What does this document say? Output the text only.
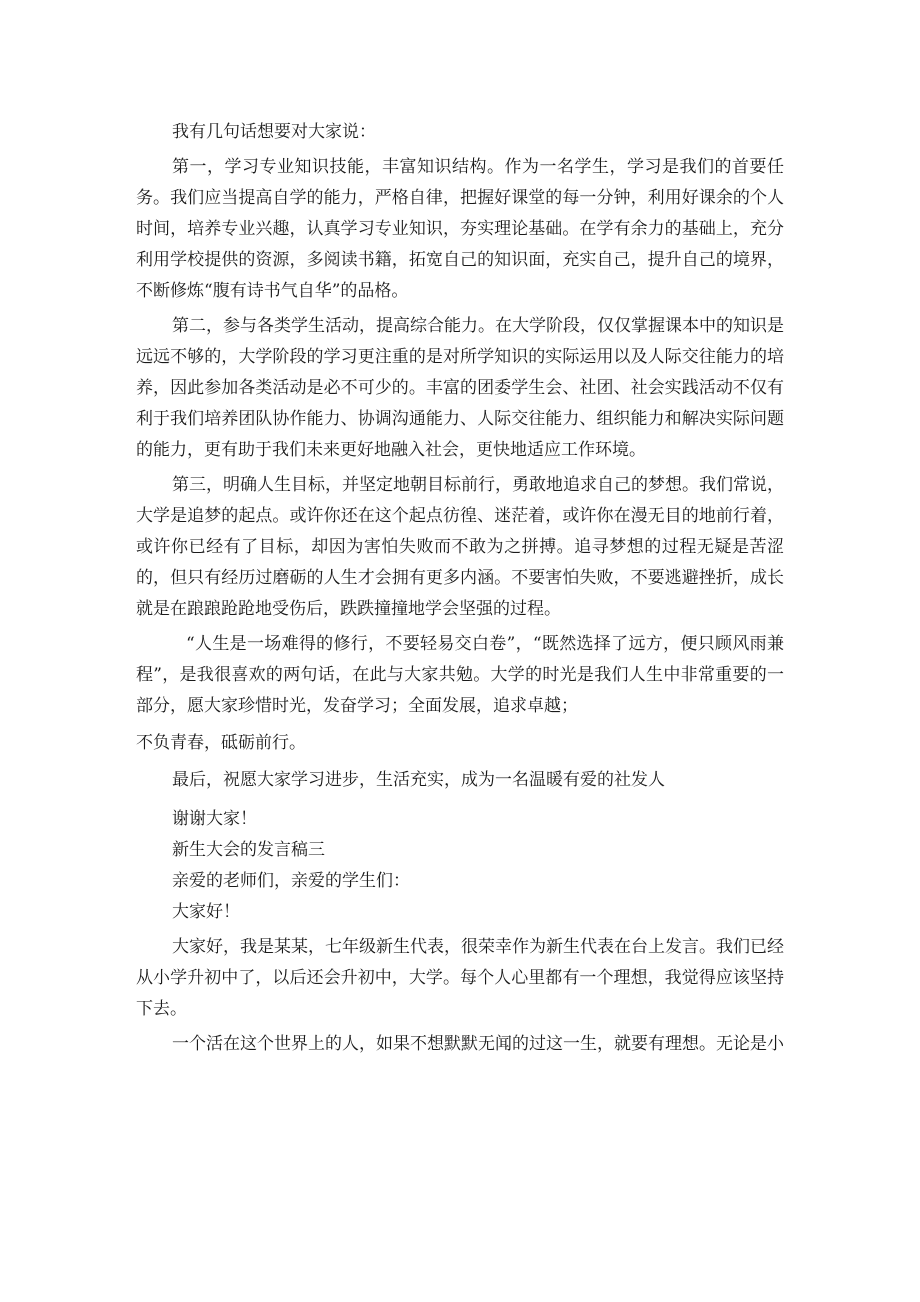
我有几句话想要对大家说：

第一，学习专业知识技能，丰富知识结构。作为一名学生，学习是我们的首要任务。我们应当提高自学的能力，严格自律，把握好课堂的每一分钟，利用好课余的个人时间，培养专业兴趣，认真学习专业知识，夯实理论基础。在学有余力的基础上，充分利用学校提供的资源，多阅读书籍，拓宽自己的知识面，充实自己，提升自己的境界，不断修炼“腹有诗书气自华”的品格。

第二，参与各类学生活动，提高综合能力。在大学阶段，仅仅掌握课本中的知识是远远不够的，大学阶段的学习更注重的是对所学知识的实际运用以及人际交往能力的培养，因此参加各类活动是必不可少的。丰富的团委学生会、社团、社会实践活动不仅有利于我们培养团队协作能力、协调沟通能力、人际交往能力、组织能力和解决实际问题的能力，更有助于我们未来更好地融入社会，更快地适应工作环境。

第三，明确人生目标，并坚定地朝目标前行，勇敢地追求自己的梦想。我们常说，大学是追梦的起点。或许你还在这个起点彷徨、迷茫着，或许你在漫无目的地前行着，或许你已经有了目标，却因为害怕失败而不敢为之拼搏。追寻梦想的过程无疑是苦涩的，但只有经历过磨砺的人生才会拥有更多内涵。不要害怕失败，不要逃避挫折，成长就是在踉踉跄跄地受伤后，跌跌撞撞地学会坚强的过程。

“人生是一场难得的修行，不要轻易交白卷”，“既然选择了远方，便只顾风雨兼程”，是我很喜欢的两句话，在此与大家共勉。大学的时光是我们人生中非常重要的一部分，愿大家珍惜时光，发奋学习；全面发展，追求卓越；

不负青春，砥砺前行。

最后，祝愿大家学习进步，生活充实，成为一名温暖有爱的社发人

谢谢大家！

新生大会的发言稿三

亲爱的老师们，亲爱的学生们：

大家好！

大家好，我是某某，七年级新生代表，很荣幸作为新生代表在台上发言。我们已经从小学升初中了，以后还会升初中，大学。每个人心里都有一个理想，我觉得应该坚持下去。

一个活在这个世界上的人，如果不想默默无闻的过这一生，就要有理想。无论是小
